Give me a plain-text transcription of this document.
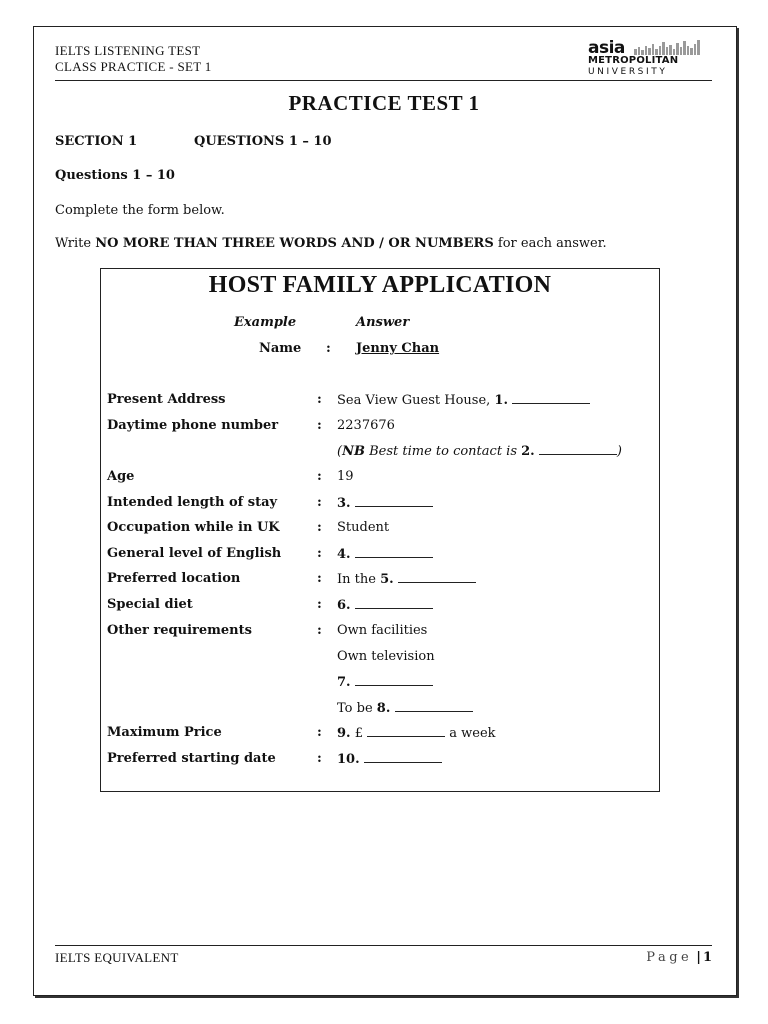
IELTS LISTENING TEST
CLASS PRACTICE - SET 1
asia
METROPOLITAN
UNIVERSITY
PRACTICE TEST 1
SECTION 1	QUESTIONS 1 – 10
Questions 1 – 10
Complete the form below.
Write NO MORE THAN THREE WORDS AND / OR NUMBERS for each answer.
HOST FAMILY APPLICATION
Example	Answer
Name : Jenny Chan
Present Address	: Sea View Guest House, 1.
Daytime phone number	: 2237676
(NB Best time to contact is 2.	)
Age	: 19
Intended length of stay	: 3.
Occupation while in UK	: Student
General level of English	: 4.
Preferred location	: In the 5.
Special diet	: 6.
Other requirements	: Own facilities
Own television
7.
To be 8.
Maximum Price	: 9. £	a week
Preferred starting date	: 10.
IELTS EQUIVALENT	Page | 1
